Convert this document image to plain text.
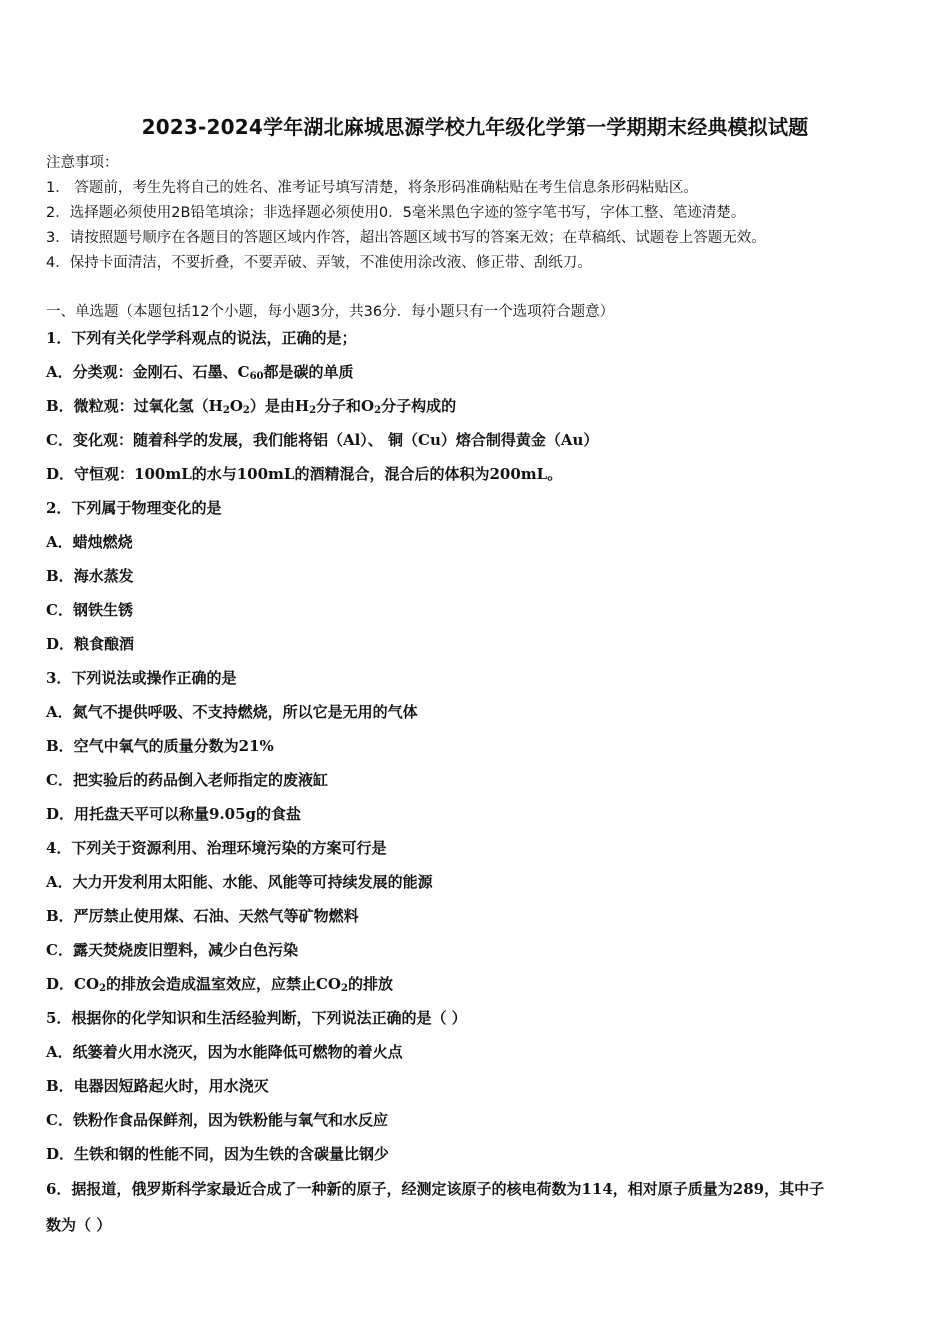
2023-2024学年湖北麻城思源学校九年级化学第一学期期末经典模拟试题
注意事项：
1． 答题前，考生先将自己的姓名、准考证号填写清楚，将条形码准确粘贴在考生信息条形码粘贴区。
2．选择题必须使用2B铅笔填涂；非选择题必须使用0．5毫米黑色字迹的签字笔书写，字体工整、笔迹清楚。
3．请按照题号顺序在各题目的答题区域内作答，超出答题区域书写的答案无效；在草稿纸、试题卷上答题无效。
4．保持卡面清洁，不要折叠，不要弄破、弄皱，不准使用涂改液、修正带、刮纸刀。
一、单选题（本题包括12个小题，每小题3分，共36分．每小题只有一个选项符合题意）
1．下列有关化学学科观点的说法，正确的是；
A．分类观：金刚石、石墨、$C_{60}$都是碳的单质
B．微粒观：过氧化氢$(H_2O_2)$是由$H_2$分子和$O_2$分子构成的
C．变化观：随着科学的发展，我们能将铝（Al）、 铜（Cu）熔合制得黄金（Au）
D．守恒观：100mL的水与100mL的酒精混合，混合后的体积为200mL。
2．下列属于物理变化的是
A．蜡烛燃烧
B．海水蒸发
C．钢铁生锈
D．粮食酿酒
3．下列说法或操作正确的是
A．氮气不提供呼吸、不支持燃烧，所以它是无用的气体
B．空气中氧气的质量分数为21%
C．把实验后的药品倒入老师指定的废液缸
D．用托盘天平可以称量9.05g的食盐
4．下列关于资源利用、治理环境污染的方案可行是
A．大力开发利用太阳能、水能、风能等可持续发展的能源
B．严厉禁止使用煤、石油、天然气等矿物燃料
C．露天焚烧废旧塑料，减少白色污染
D．$CO_2$的排放会造成温室效应，应禁止$CO_2$的排放
5．根据你的化学知识和生活经验判断，下列说法正确的是（ ）
A．纸篓着火用水浇灭，因为水能降低可燃物的着火点
B．电器因短路起火时，用水浇灭
C．铁粉作食品保鲜剂，因为铁粉能与氧气和水反应
D．生铁和钢的性能不同，因为生铁的含碳量比钢少
6．据报道，俄罗斯科学家最近合成了一种新的原子，经测定该原子的核电荷数为114，相对原子质量为289，其中子
数为（ ）
